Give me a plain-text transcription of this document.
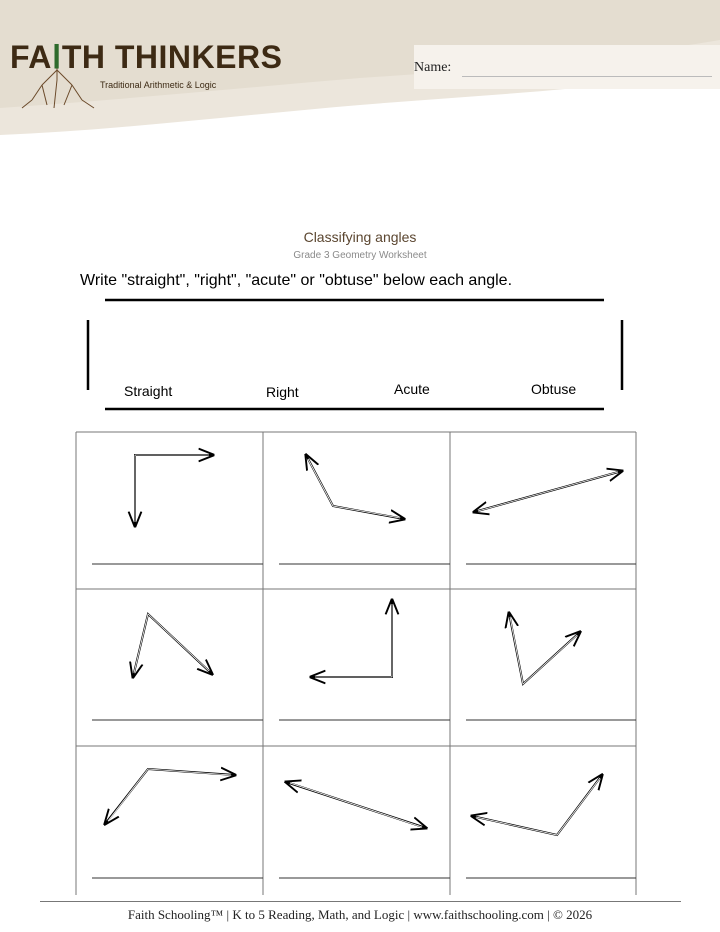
FAⅠTH THINKERS
Traditional Arithmetic & Logic
Name:
Classifying angles
Grade 3 Geometry Worksheet
Write "straight", "right", "acute" or "obtuse" below each angle.
Straight	Right	Acute	Obtuse
Faith Schooling™ | K to 5 Reading, Math, and Logic | www.faithschooling.com | © 2026
